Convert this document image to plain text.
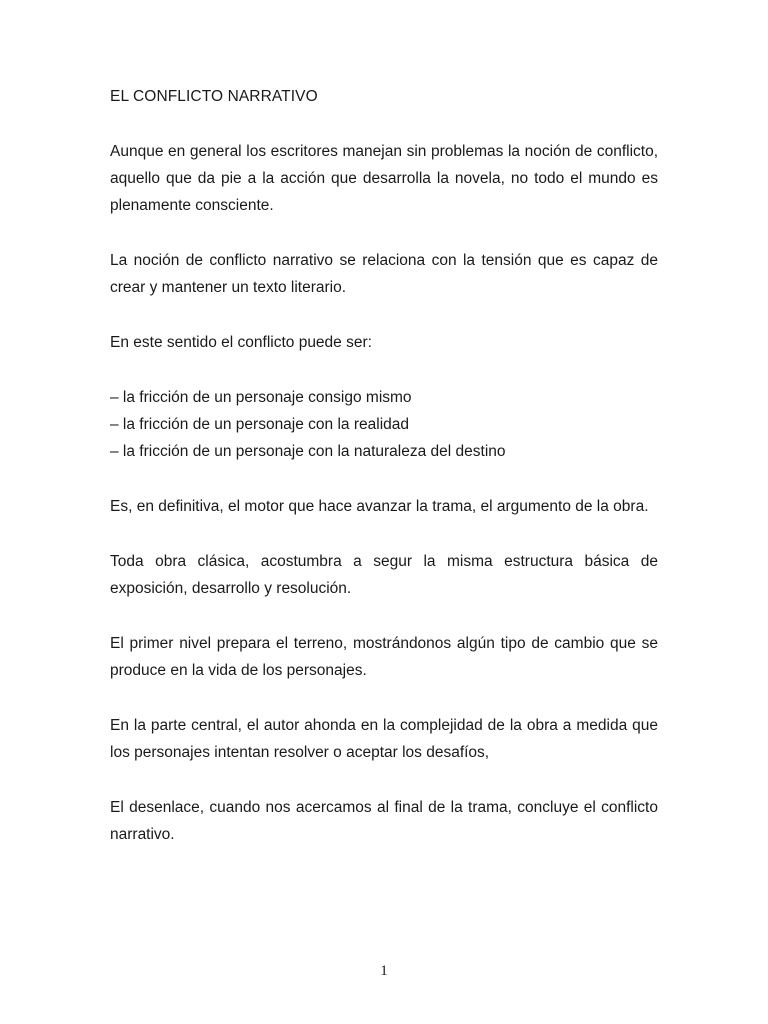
EL CONFLICTO NARRATIVO

Aunque en general los escritores manejan sin problemas la noción de conflicto, aquello que da pie a la acción que desarrolla la novela, no todo el mundo es plenamente consciente.

La noción de conflicto narrativo se relaciona con la tensión que es capaz de crear y mantener un texto literario.

En este sentido el conflicto puede ser:

– la fricción de un personaje consigo mismo

– la fricción de un personaje con la realidad

– la fricción de un personaje con la naturaleza del destino

Es, en definitiva, el motor que hace avanzar la trama, el argumento de la obra.

Toda obra clásica, acostumbra a segur la misma estructura básica de exposición, desarrollo y resolución.

El primer nivel prepara el terreno, mostrándonos algún tipo de cambio que se produce en la vida de los personajes.

En la parte central, el autor ahonda en la complejidad de la obra a medida que los personajes intentan resolver o aceptar los desafíos,

El desenlace, cuando nos acercamos al final de la trama, concluye el conflicto narrativo.

1
